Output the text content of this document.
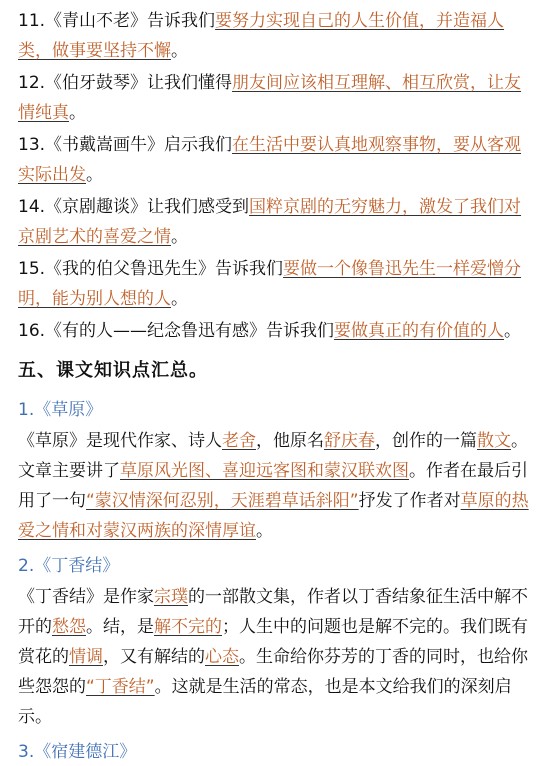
11.《青山不老》告诉我们要努力实现自己的人生价值，并造福人类，做事要坚持不懈。

12.《伯牙鼓琴》让我们懂得朋友间应该相互理解、相互欣赏，让友情纯真。

13.《书戴嵩画牛》启示我们在生活中要认真地观察事物，要从客观实际出发。

14.《京剧趣谈》让我们感受到国粹京剧的无穷魅力，激发了我们对京剧艺术的喜爱之情。

15.《我的伯父鲁迅先生》告诉我们要做一个像鲁迅先生一样爱憎分明，能为别人想的人。

16.《有的人——纪念鲁迅有感》告诉我们要做真正的有价值的人。

五、课文知识点汇总。
1.《草原》

《草原》是现代作家、诗人老舍，他原名舒庆春，创作的一篇散文。文章主要讲了草原风光图、喜迎远客图和蒙汉联欢图。作者在最后引用了一句“蒙汉情深何忍别，天涯碧草话斜阳”抒发了作者对草原的热爱之情和对蒙汉两族的深情厚谊。

2.《丁香结》

《丁香结》是作家宗璞的一部散文集，作者以丁香结象征生活中解不开的愁怨。结，是解不完的；人生中的问题也是解不完的。我们既有赏花的情调，又有解结的心态。生命给你芬芳的丁香的同时，也给你些怨怨的“丁香结”。这就是生活的常态，也是本文给我们的深刻启示。

3.《宿建德江》
